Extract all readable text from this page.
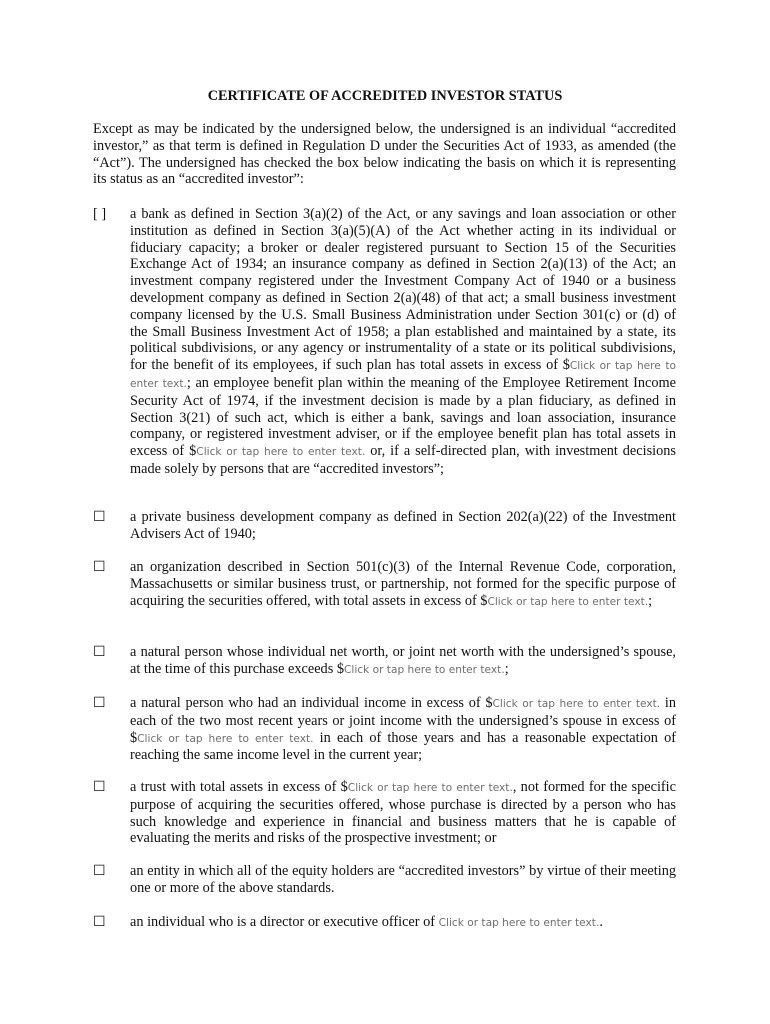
CERTIFICATE OF ACCREDITED INVESTOR STATUS

Except as may be indicated by the undersigned below, the undersigned is an individual “accredited investor,” as that term is defined in Regulation D under the Securities Act of 1933, as amended (the “Act”). The undersigned has checked the box below indicating the basis on which it is representing its status as an “accredited investor”:

[ ]	a bank as defined in Section 3(a)(2) of the Act, or any savings and loan association or other institution as defined in Section 3(a)(5)(A) of the Act whether acting in its individual or fiduciary capacity; a broker or dealer registered pursuant to Section 15 of the Securities Exchange Act of 1934; an insurance company as defined in Section 2(a)(13) of the Act; an investment company registered under the Investment Company Act of 1940 or a business development company as defined in Section 2(a)(48) of that act; a small business investment company licensed by the U.S. Small Business Administration under Section 301(c) or (d) of the Small Business Investment Act of 1958; a plan established and maintained by a state, its political subdivisions, or any agency or instrumentality of a state or its political subdivisions, for the benefit of its employees, if such plan has total assets in excess of $Click or tap here to enter text.; an employee benefit plan within the meaning of the Employee Retirement Income Security Act of 1974, if the investment decision is made by a plan fiduciary, as defined in Section 3(21) of such act, which is either a bank, savings and loan association, insurance company, or registered investment adviser, or if the employee benefit plan has total assets in excess of $Click or tap here to enter text. or, if a self-directed plan, with investment decisions made solely by persons that are “accredited investors”;

☐	a private business development company as defined in Section 202(a)(22) of the Investment Advisers Act of 1940;

☐	an organization described in Section 501(c)(3) of the Internal Revenue Code, corporation, Massachusetts or similar business trust, or partnership, not formed for the specific purpose of acquiring the securities offered, with total assets in excess of $Click or tap here to enter text.;

☐	a natural person whose individual net worth, or joint net worth with the undersigned’s spouse, at the time of this purchase exceeds $Click or tap here to enter text.;

☐	a natural person who had an individual income in excess of $Click or tap here to enter text. in each of the two most recent years or joint income with the undersigned’s spouse in excess of $Click or tap here to enter text. in each of those years and has a reasonable expectation of reaching the same income level in the current year;

☐	a trust with total assets in excess of $Click or tap here to enter text., not formed for the specific purpose of acquiring the securities offered, whose purchase is directed by a person who has such knowledge and experience in financial and business matters that he is capable of evaluating the merits and risks of the prospective investment; or

☐	an entity in which all of the equity holders are “accredited investors” by virtue of their meeting one or more of the above standards.

☐	an individual who is a director or executive officer of Click or tap here to enter text..
